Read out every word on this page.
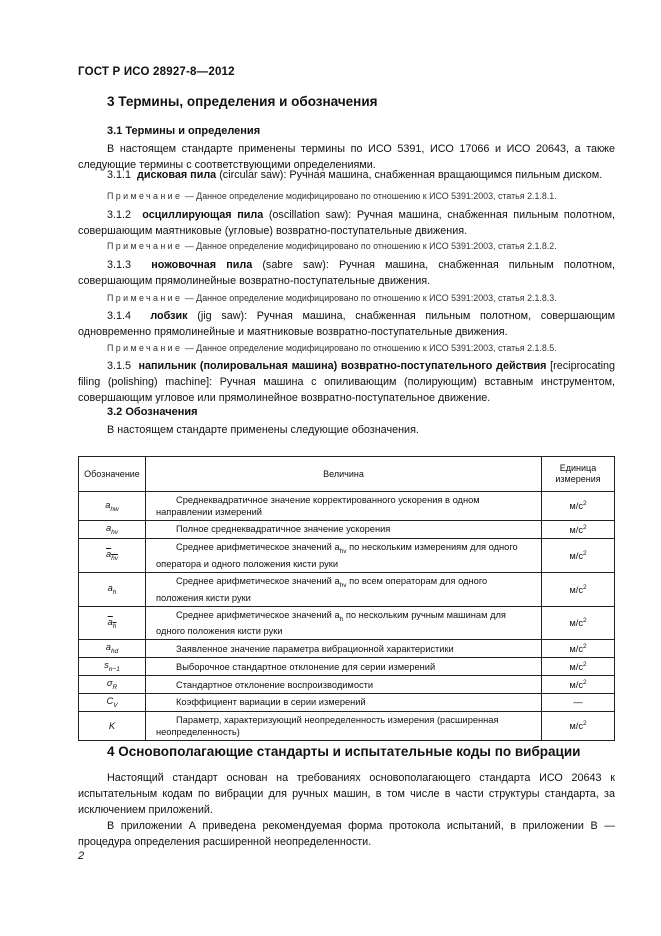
ГОСТ Р ИСО 28927-8—2012
3 Термины, определения и обозначения
3.1 Термины и определения
В настоящем стандарте применены термины по ИСО 5391, ИСО 17066 и ИСО 20643, а также следующие термины с соответствующими определениями.
3.1.1 дисковая пила (circular saw): Ручная машина, снабженная вращающимся пильным диском.
Примечание — Данное определение модифицировано по отношению к ИСО 5391:2003, статья 2.1.8.1.
3.1.2 осциллирующая пила (oscillation saw): Ручная машина, снабженная пильным полотном, совершающим маятниковые (угловые) возвратно-поступательные движения.
Примечание — Данное определение модифицировано по отношению к ИСО 5391:2003, статья 2.1.8.2.
3.1.3 ножовочная пила (sabre saw): Ручная машина, снабженная пильным полотном, совершающим прямолинейные возвратно-поступательные движения.
Примечание — Данное определение модифицировано по отношению к ИСО 5391:2003, статья 2.1.8.3.
3.1.4 лобзик (jig saw): Ручная машина, снабженная пильным полотном, совершающим одновременно прямолинейные и маятниковые возвратно-поступательные движения.
Примечание — Данное определение модифицировано по отношению к ИСО 5391:2003, статья 2.1.8.5.
3.1.5 напильник (полировальная машина) возвратно-поступательного действия [reciprocating filing (polishing) machine]: Ручная машина с опиливающим (полирующим) вставным инструментом, совершающим угловое или прямолинейное возвратно-поступательное движение.
3.2 Обозначения
В настоящем стандарте применены следующие обозначения.
Обозначение	Величина	Единица измерения
$a_{hw}$	Среднеквадратичное значение корректированного ускорения в одном направлении измерений	$м/с^2$
$a_{hv}$	Полное среднеквадратичное значение ускорения	$м/с^2$
$\overline{a}_{\overline{hv}}$	Среднее арифметическое значений $a_{hv}$ по нескольким измерениям для одного оператора и одного положения кисти руки	$м/с^2$
$a_h$	Среднее арифметическое значений $a_{hv}$ по всем операторам для одного положения кисти руки	$м/с^2$
$\overline{a}_{\overline{h}}$	Среднее арифметическое значений $a_h$ по нескольким ручным машинам для одного положения кисти руки	$м/с^2$
$a_{hd}$	Заявленное значение параметра вибрационной характеристики	$м/с^2$
$s_{n-1}$	Выборочное стандартное отклонение для серии измерений	$м/с^2$
$\sigma_R$	Стандартное отклонение воспроизводимости	$м/с^2$
$C_V$	Коэффициент вариации в серии измерений	—
K	Параметр, характеризующий неопределенность измерения (расширенная неопределенность)	$м/с^2$
4 Основополагающие стандарты и испытательные коды по вибрации
Настоящий стандарт основан на требованиях основополагающего стандарта ИСО 20643 к испытательным кодам по вибрации для ручных машин, в том числе в части структуры стандарта, за исключением приложений.
В приложении А приведена рекомендуемая форма протокола испытаний, в приложении В — процедура определения расширенной неопределенности.
2
